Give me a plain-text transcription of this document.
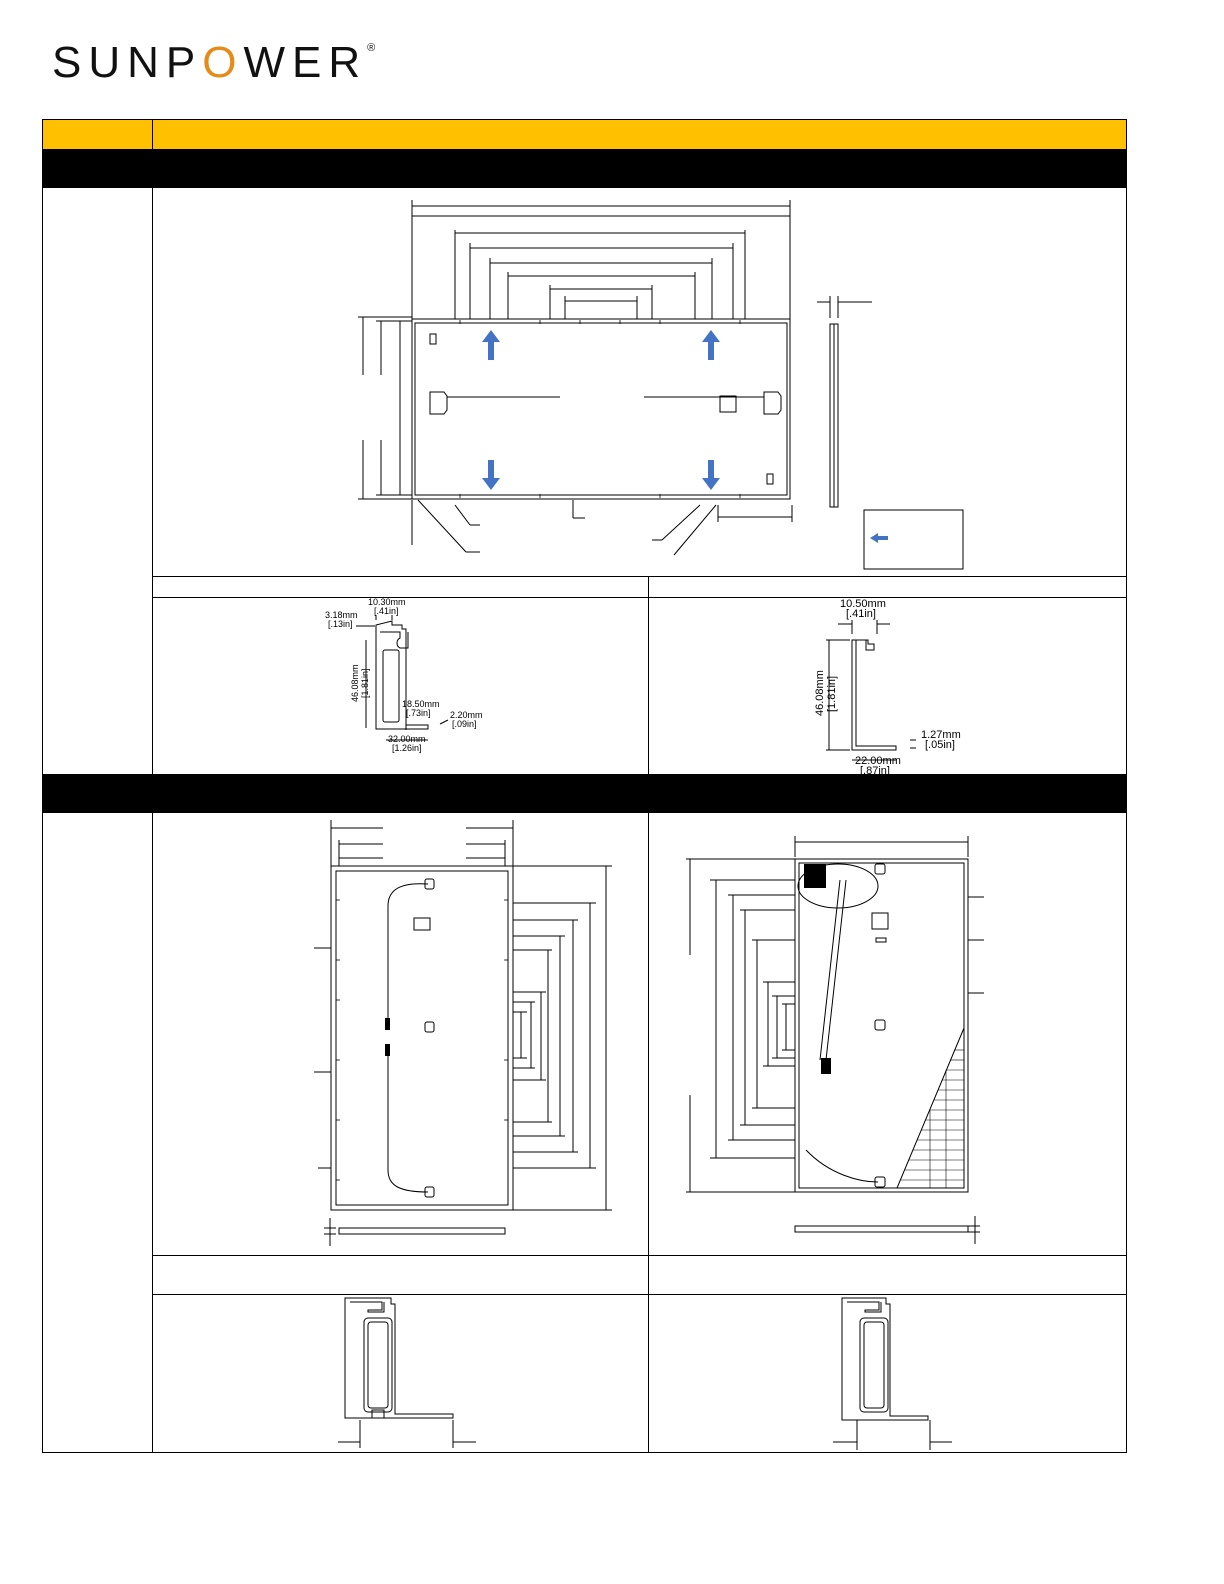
SUNPOWER®
10.30mm
[.41in]
3.18mm
[.13in]
46.08mm [1.81in]
18.50mm
[.73in] 2.20mm
[.09in]
32.00mm
[1.26in]
10.50mm
[.41in]
46.08mm [1.81in]
1.27mm
[.05in]
22.00mm
[.87in]
